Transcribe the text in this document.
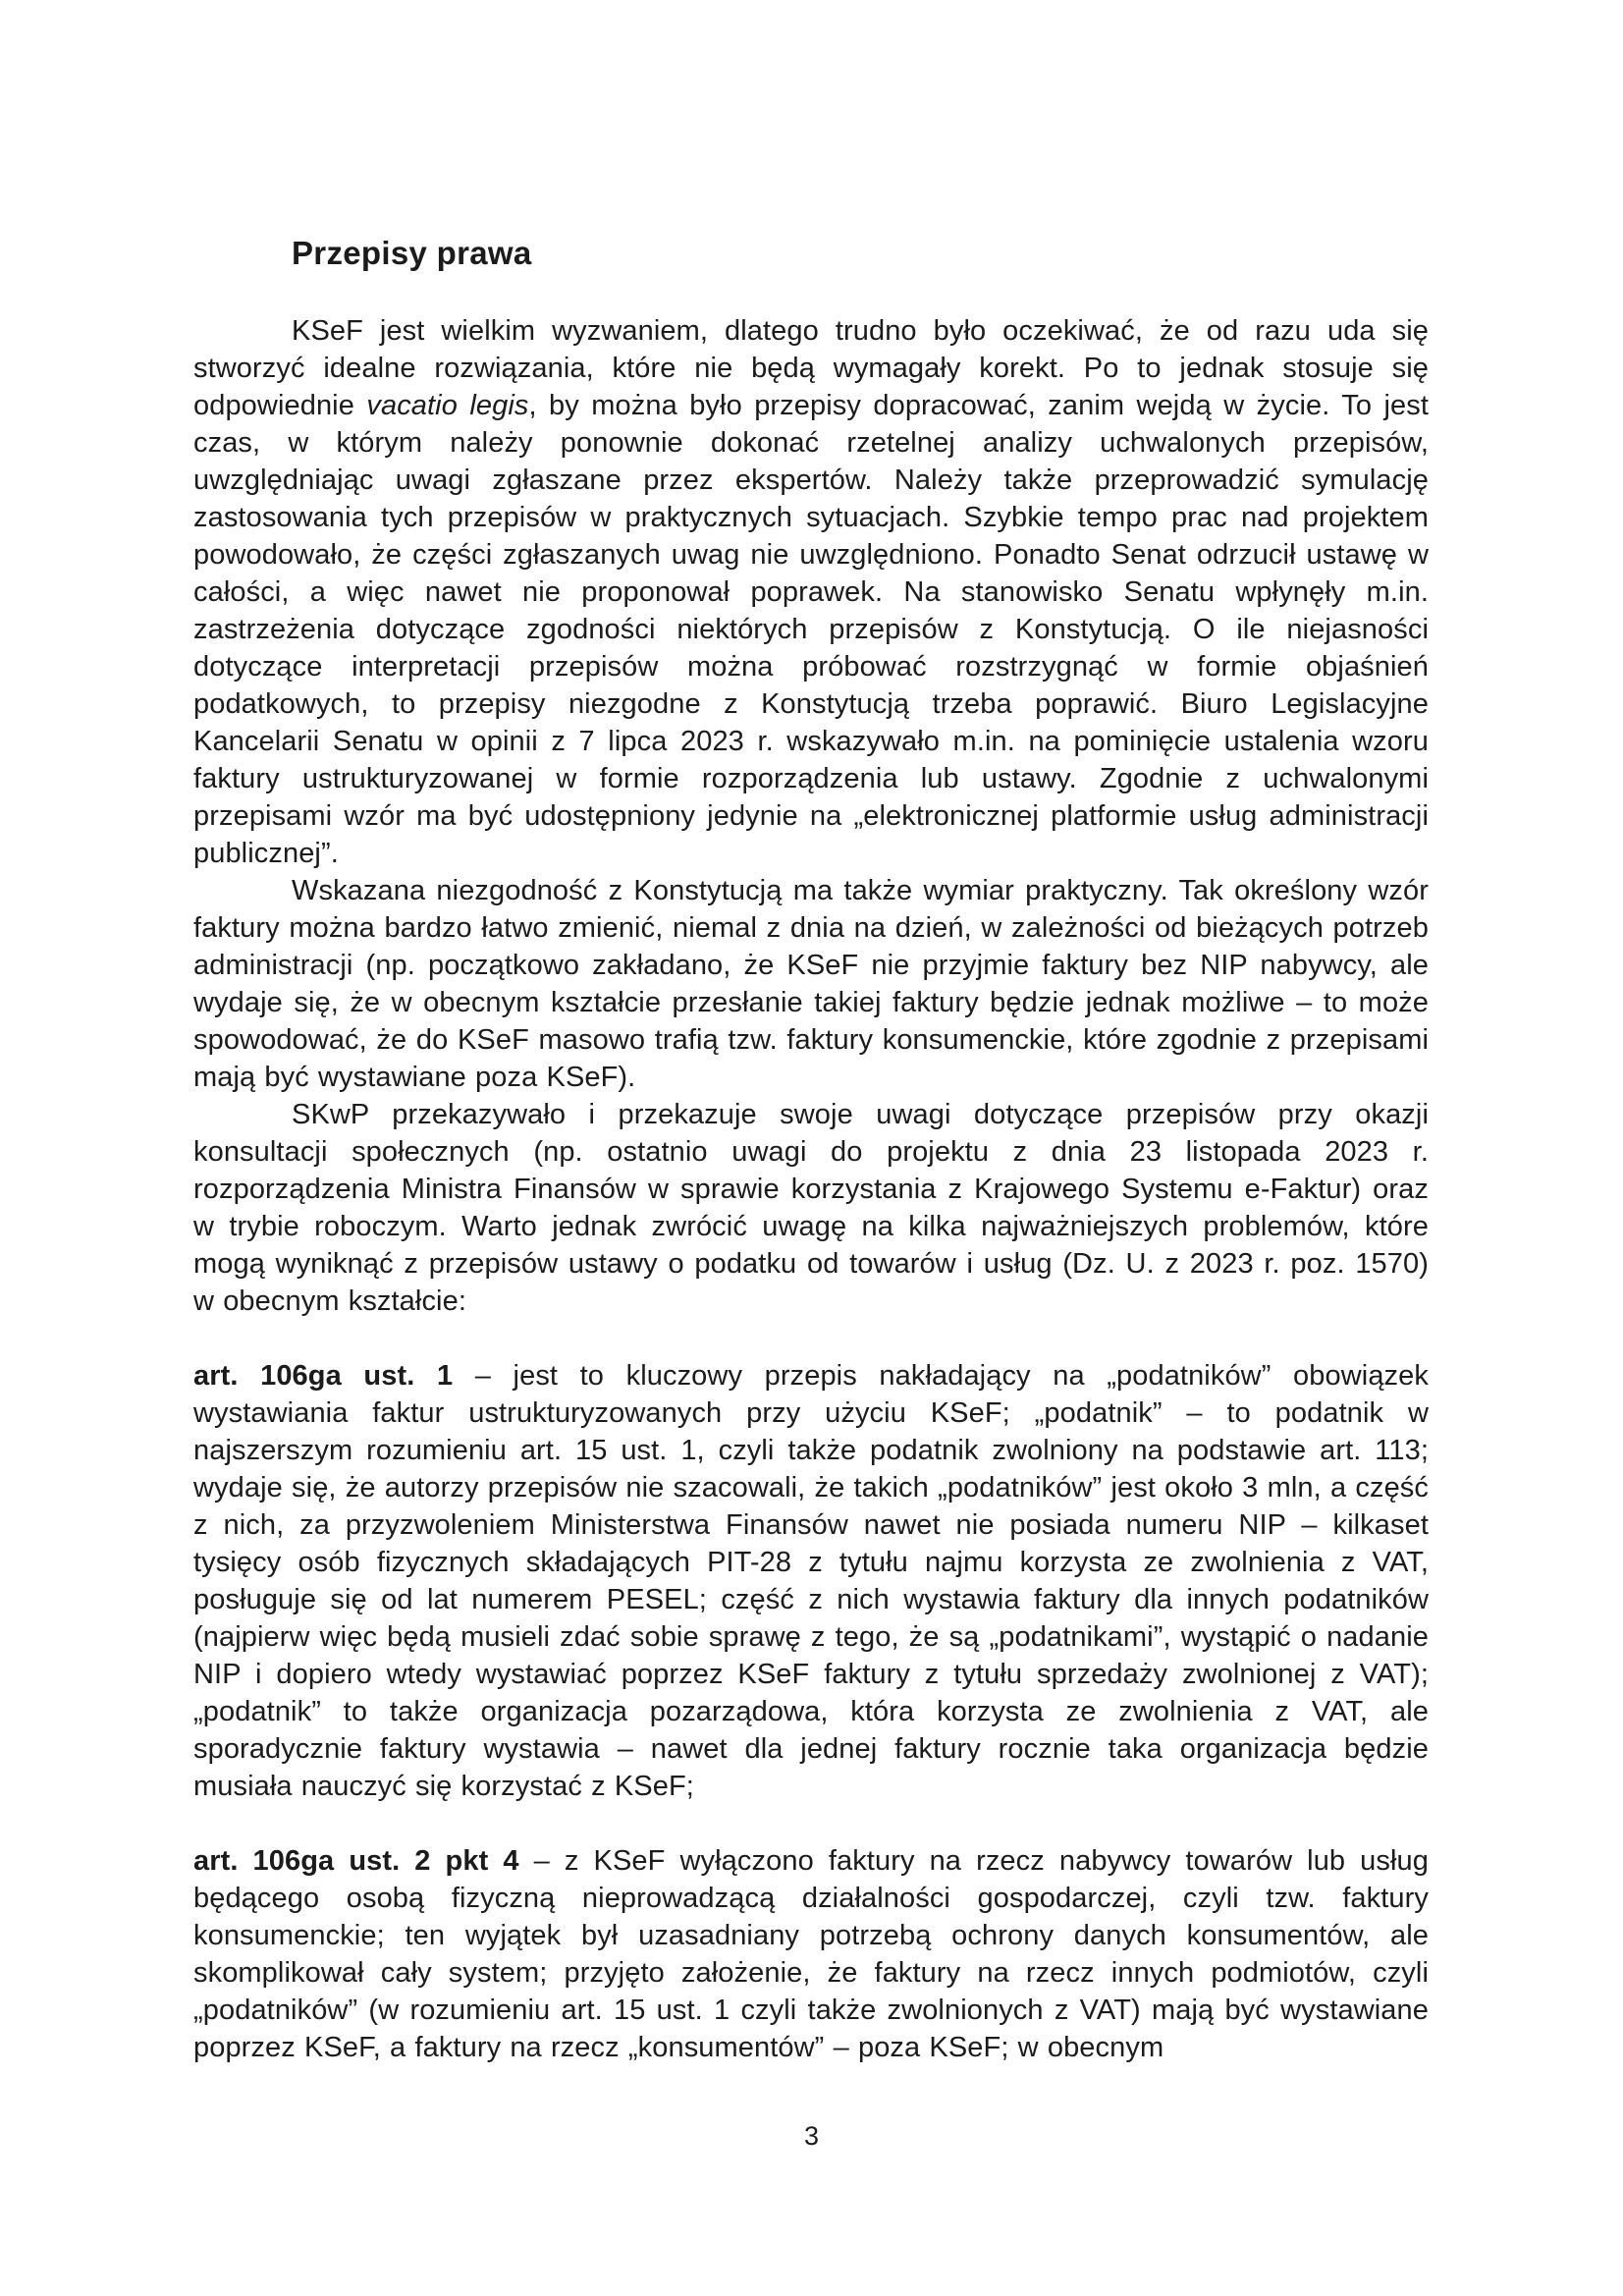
Przepisy prawa

KSeF jest wielkim wyzwaniem, dlatego trudno było oczekiwać, że od razu uda się stworzyć idealne rozwiązania, które nie będą wymagały korekt. Po to jednak stosuje się odpowiednie vacatio legis, by można było przepisy dopracować, zanim wejdą w życie. To jest czas, w którym należy ponownie dokonać rzetelnej analizy uchwalonych przepisów, uwzględniając uwagi zgłaszane przez ekspertów. Należy także przeprowadzić symulację zastosowania tych przepisów w praktycznych sytuacjach. Szybkie tempo prac nad projektem powodowało, że części zgłaszanych uwag nie uwzględniono. Ponadto Senat odrzucił ustawę w całości, a więc nawet nie proponował poprawek. Na stanowisko Senatu wpłynęły m.in. zastrzeżenia dotyczące zgodności niektórych przepisów z Konstytucją. O ile niejasności dotyczące interpretacji przepisów można próbować rozstrzygnąć w formie objaśnień podatkowych, to przepisy niezgodne z Konstytucją trzeba poprawić. Biuro Legislacyjne Kancelarii Senatu w opinii z 7 lipca 2023 r. wskazywało m.in. na pominięcie ustalenia wzoru faktury ustrukturyzowanej w formie rozporządzenia lub ustawy. Zgodnie z uchwalonymi przepisami wzór ma być udostępniony jedynie na „elektronicznej platformie usług administracji publicznej”.

Wskazana niezgodność z Konstytucją ma także wymiar praktyczny. Tak określony wzór faktury można bardzo łatwo zmienić, niemal z dnia na dzień, w zależności od bieżących potrzeb administracji (np. początkowo zakładano, że KSeF nie przyjmie faktury bez NIP nabywcy, ale wydaje się, że w obecnym kształcie przesłanie takiej faktury będzie jednak możliwe – to może spowodować, że do KSeF masowo trafią tzw. faktury konsumenckie, które zgodnie z przepisami mają być wystawiane poza KSeF).

SKwP przekazywało i przekazuje swoje uwagi dotyczące przepisów przy okazji konsultacji społecznych (np. ostatnio uwagi do projektu z dnia 23 listopada 2023 r. rozporządzenia Ministra Finansów w sprawie korzystania z Krajowego Systemu e-Faktur) oraz w trybie roboczym. Warto jednak zwrócić uwagę na kilka najważniejszych problemów, które mogą wyniknąć z przepisów ustawy o podatku od towarów i usług (Dz. U. z 2023 r. poz. 1570) w obecnym kształcie:

art. 106ga ust. 1 – jest to kluczowy przepis nakładający na „podatników” obowiązek wystawiania faktur ustrukturyzowanych przy użyciu KSeF; „podatnik” – to podatnik w najszerszym rozumieniu art. 15 ust. 1, czyli także podatnik zwolniony na podstawie art. 113; wydaje się, że autorzy przepisów nie szacowali, że takich „podatników” jest około 3 mln, a część z nich, za przyzwoleniem Ministerstwa Finansów nawet nie posiada numeru NIP – kilkaset tysięcy osób fizycznych składających PIT-28 z tytułu najmu korzysta ze zwolnienia z VAT, posługuje się od lat numerem PESEL; część z nich wystawia faktury dla innych podatników (najpierw więc będą musieli zdać sobie sprawę z tego, że są „podatnikami”, wystąpić o nadanie NIP i dopiero wtedy wystawiać poprzez KSeF faktury z tytułu sprzedaży zwolnionej z VAT); „podatnik” to także organizacja pozarządowa, która korzysta ze zwolnienia z VAT, ale sporadycznie faktury wystawia – nawet dla jednej faktury rocznie taka organizacja będzie musiała nauczyć się korzystać z KSeF;

art. 106ga ust. 2 pkt 4 – z KSeF wyłączono faktury na rzecz nabywcy towarów lub usług będącego osobą fizyczną nieprowadzącą działalności gospodarczej, czyli tzw. faktury konsumenckie; ten wyjątek był uzasadniany potrzebą ochrony danych konsumentów, ale skomplikował cały system; przyjęto założenie, że faktury na rzecz innych podmiotów, czyli „podatników” (w rozumieniu art. 15 ust. 1 czyli także zwolnionych z VAT) mają być wystawiane poprzez KSeF, a faktury na rzecz „konsumentów” – poza KSeF; w obecnym

3
